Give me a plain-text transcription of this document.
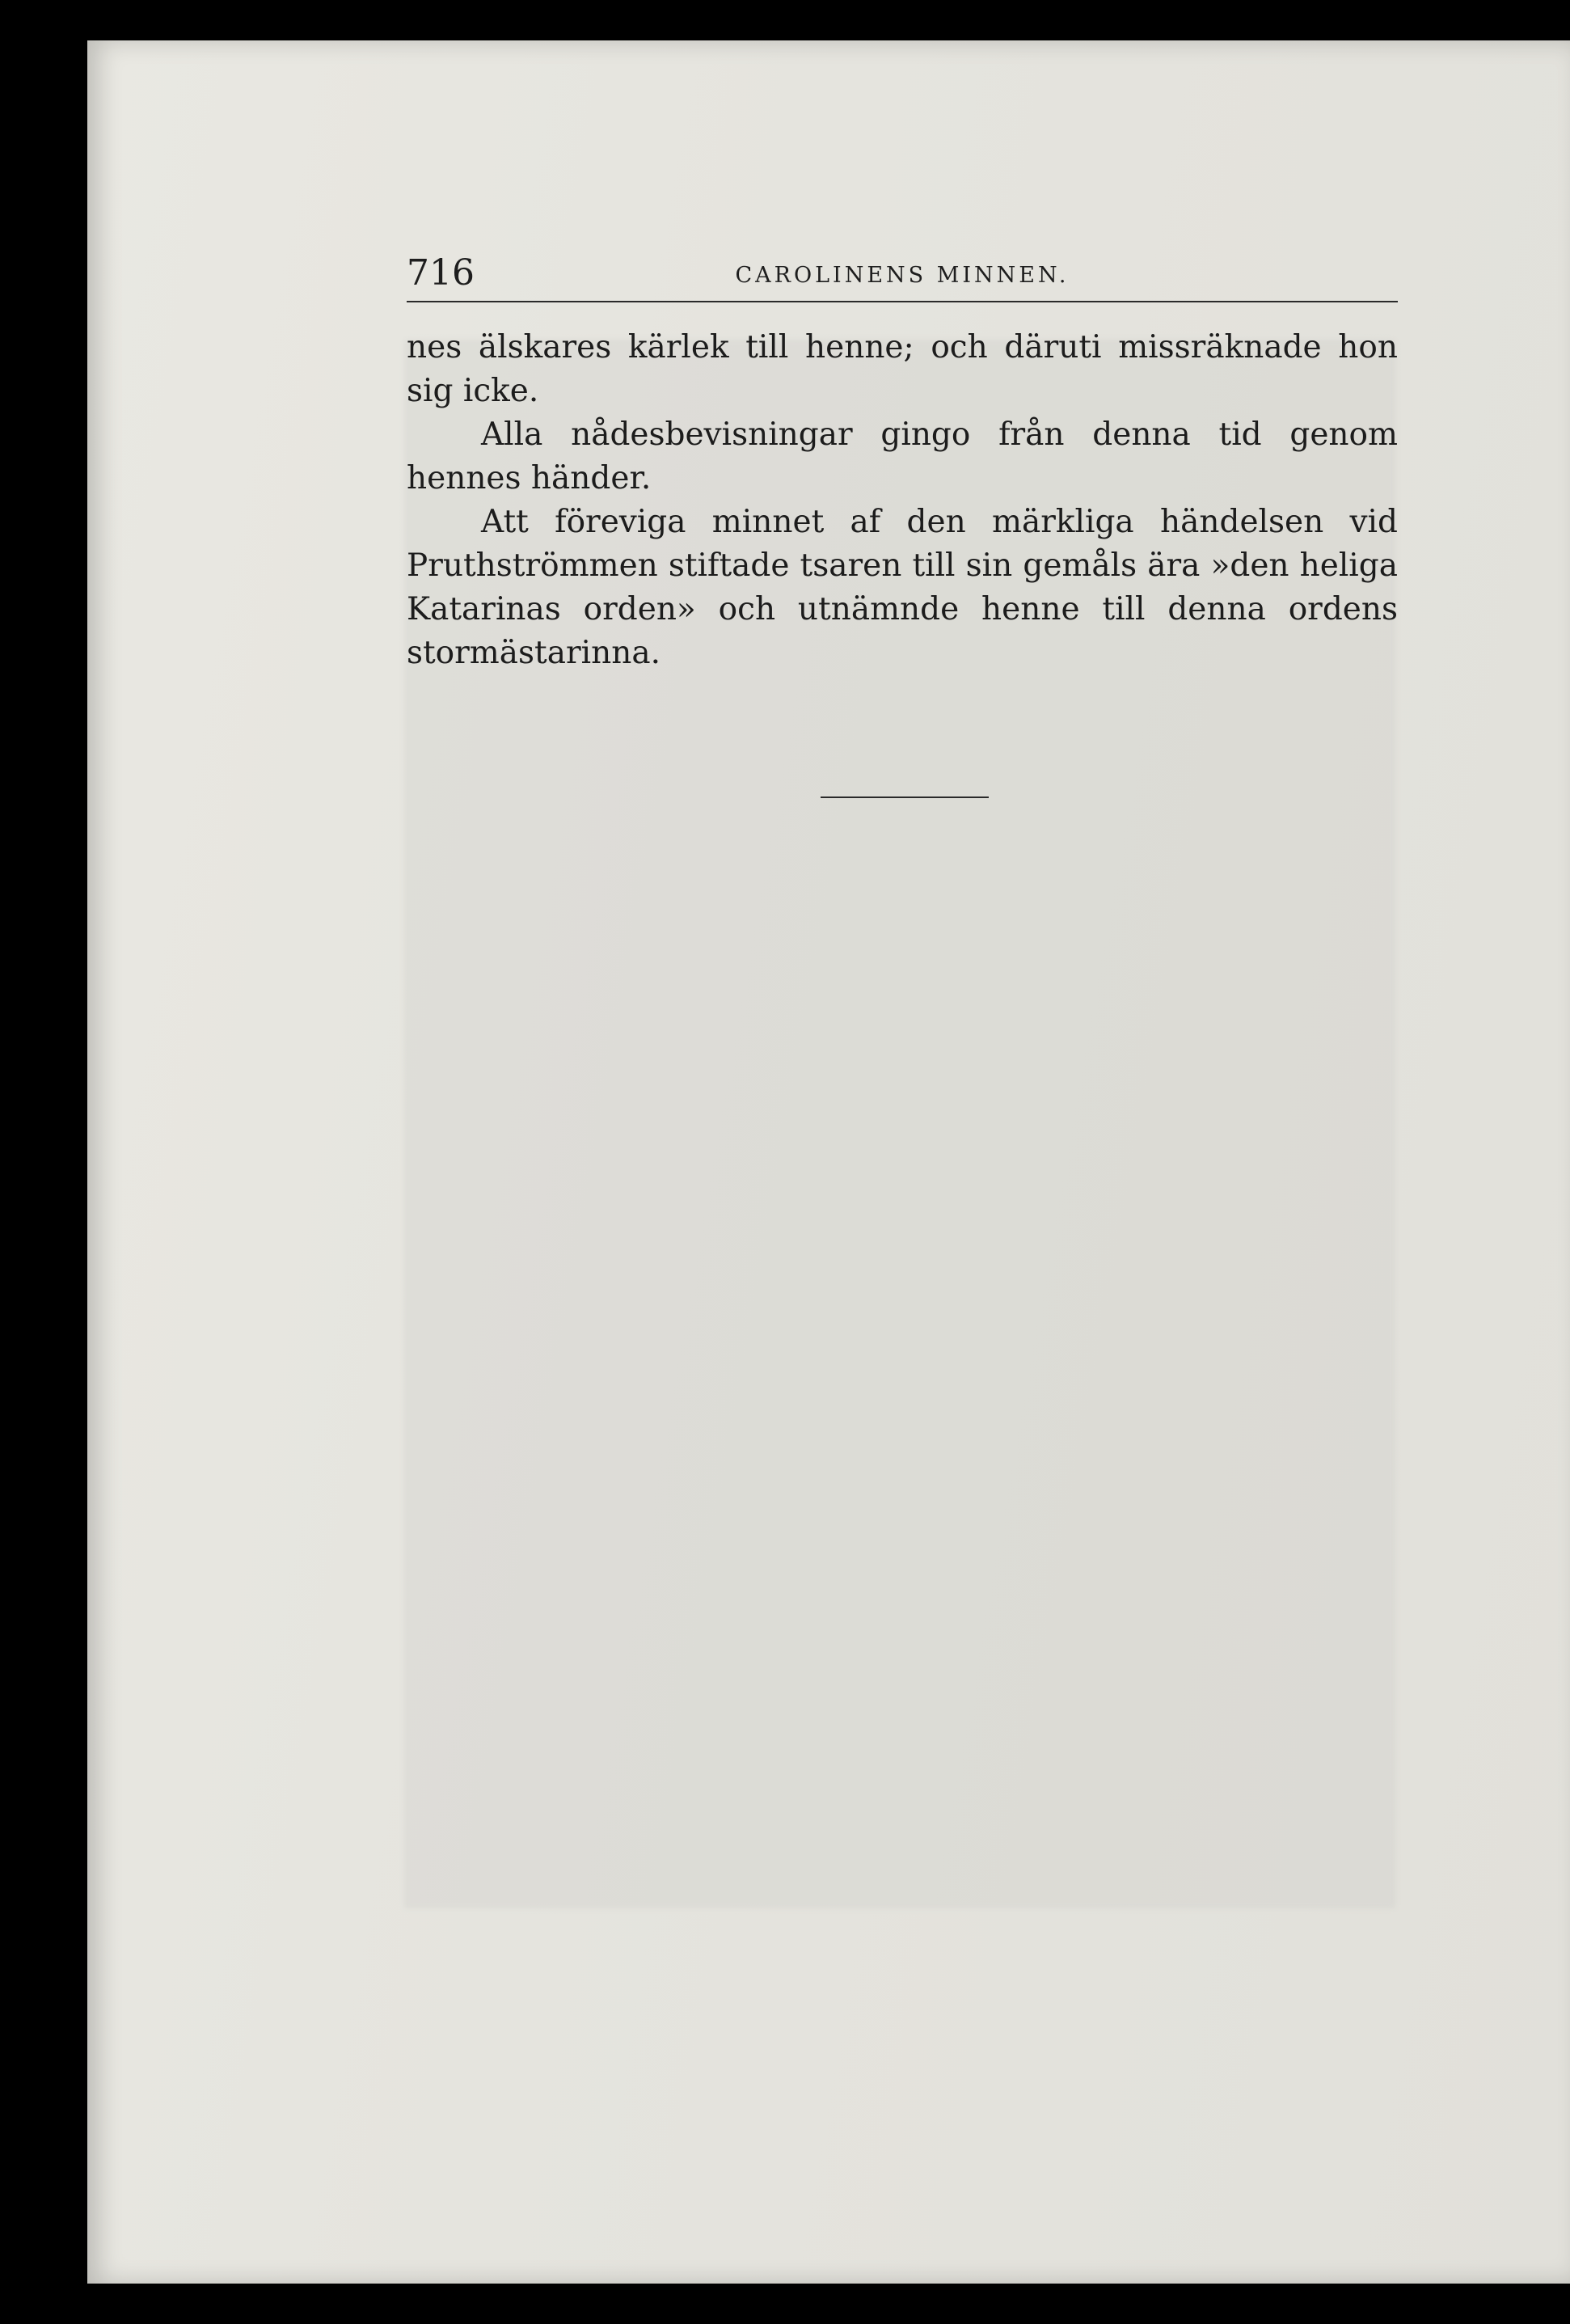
716	CAROLINENS MINNEN.

nes älskares kärlek till henne; och däruti missräknade hon sig icke.

Alla nådesbevisningar gingo från denna tid genom hennes händer.

Att föreviga minnet af den märkliga händelsen vid Pruthströmmen stiftade tsaren till sin gemåls ära »den heliga Katarinas orden» och utnämnde henne till denna ordens stormästarinna.
